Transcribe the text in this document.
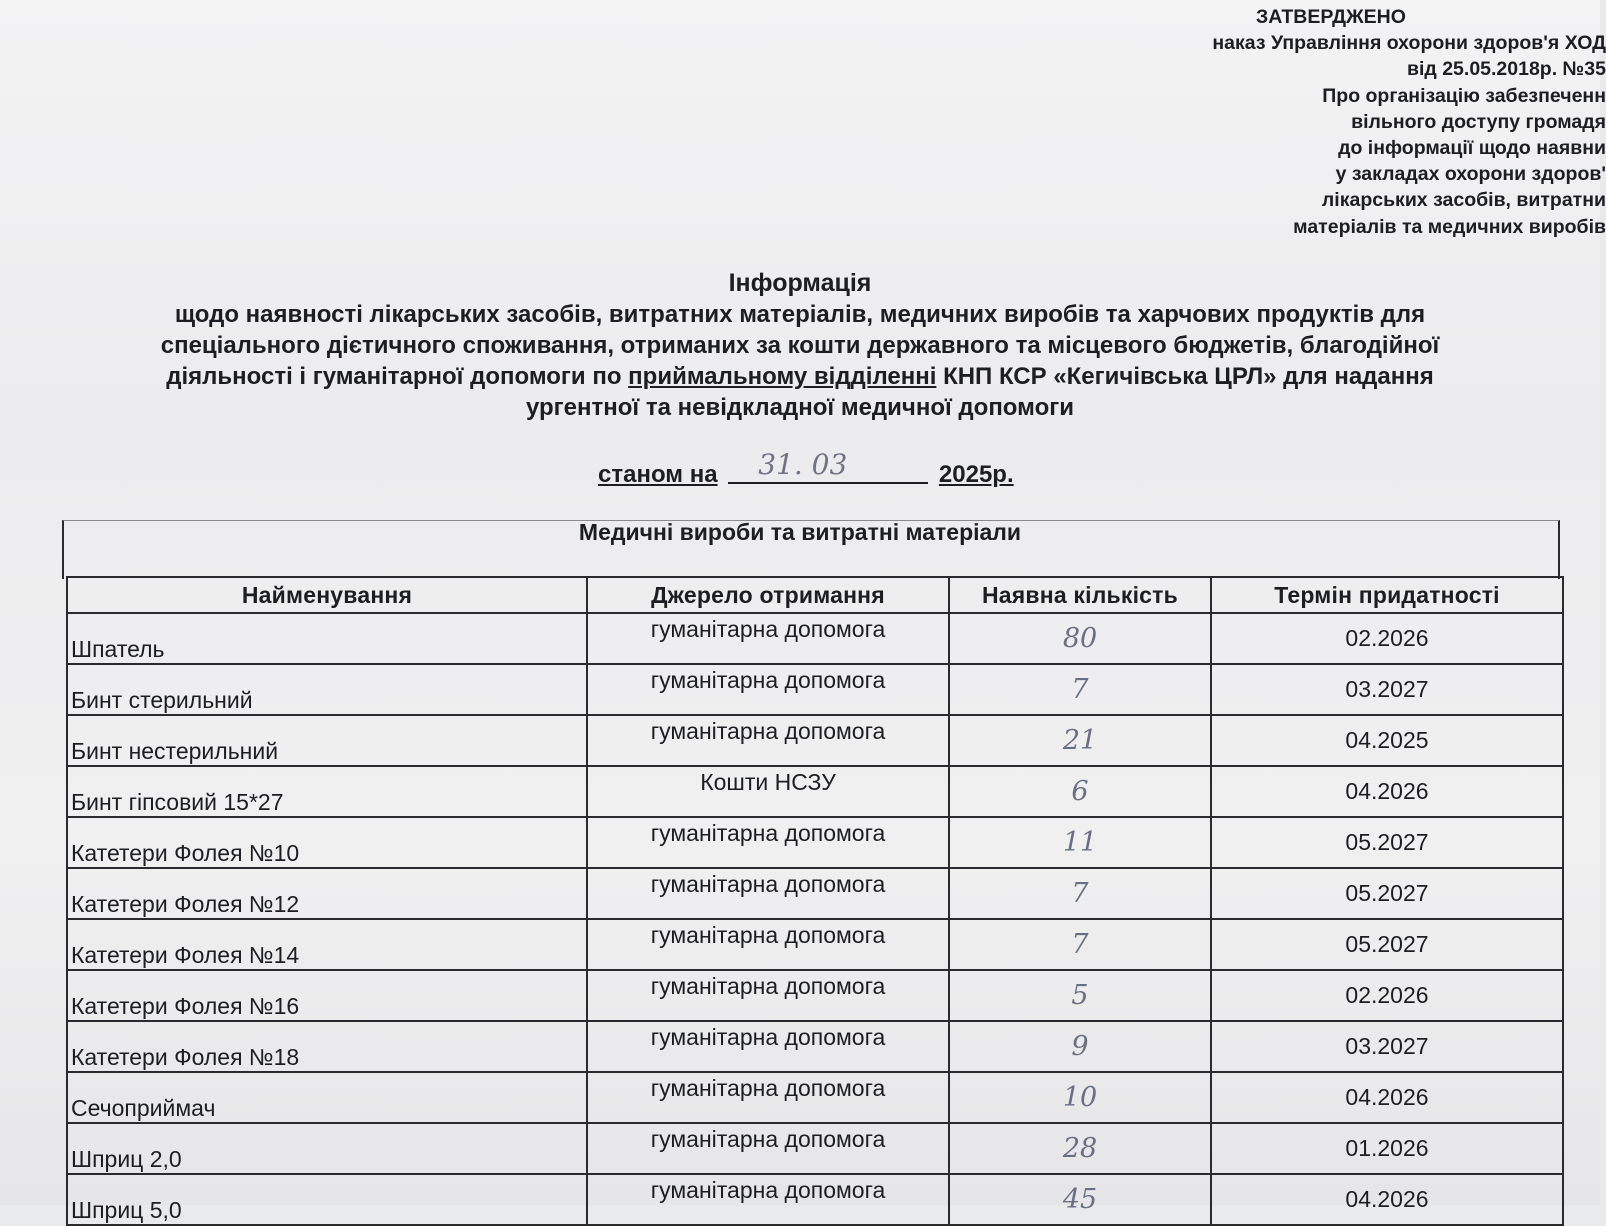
ЗАТВЕРДЖЕНО
наказ Управління охорони здоров'я ХОД
від 25.05.2018р. №35
Про організацію забезпеченн
вільного доступу громадя
до інформації щодо наявни
у закладах охорони здоров'
лікарських засобів, витратни
матеріалів та медичних виробів
Інформація
щодо наявності лікарських засобів, витратних матеріалів, медичних виробів та харчових продуктів для
спеціального дієтичного споживання, отриманих за кошти державного та місцевого бюджетів, благодійної
діяльності і гуманітарної допомоги по приймальному відділенні КНП КСР «Кегичівська ЦРЛ» для надання
ургентної та невідкладної медичної допомоги
станом на 31. 03	2025р.
Медичні вироби та витратні матеріали
Найменування	Джерело отримання	Наявна кількість	Термін придатності
Шпатель	гуманітарна допомога	80	02.2026
Бинт стерильний	гуманітарна допомога	7	03.2027
Бинт нестерильний	гуманітарна допомога	21	04.2025
Бинт гіпсовий 15*27	Кошти НСЗУ	6	04.2026
Катетери Фолея №10	гуманітарна допомога	11	05.2027
Катетери Фолея №12	гуманітарна допомога	7	05.2027
Катетери Фолея №14	гуманітарна допомога	7	05.2027
Катетери Фолея №16	гуманітарна допомога	5	02.2026
Катетери Фолея №18	гуманітарна допомога	9	03.2027
Сечоприймач	гуманітарна допомога	10	04.2026
Шприц 2,0	гуманітарна допомога	28	01.2026
Шприц 5,0	гуманітарна допомога	45	04.2026
